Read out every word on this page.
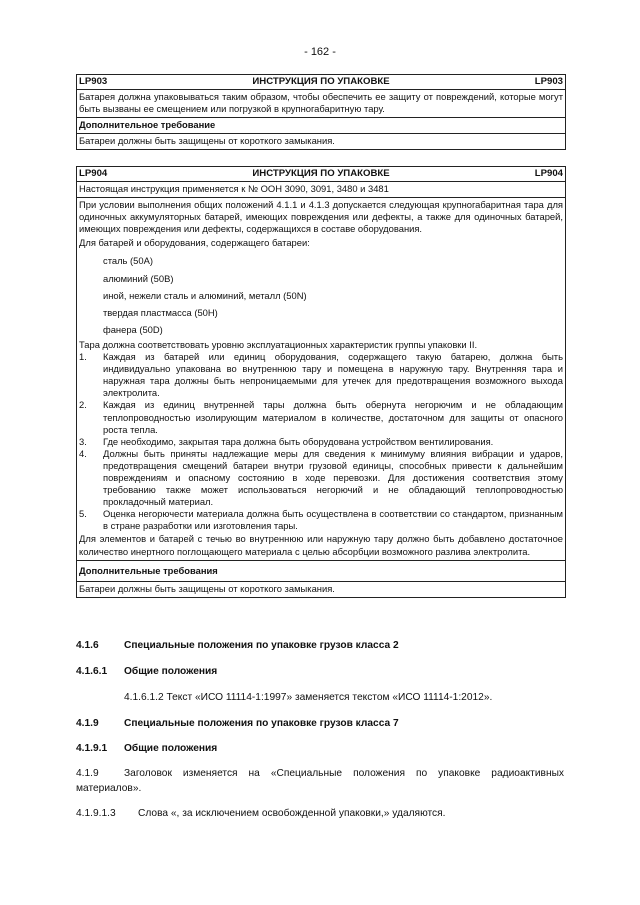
- 162 -
LP903	ИНСТРУКЦИЯ ПО УПАКОВКЕ	LP903
Батарея должна упаковываться таким образом, чтобы обеспечить ее защиту от повреждений, которые могут быть вызваны ее смещением или погрузкой в крупногабаритную тару.
Дополнительное требование
Батареи должны быть защищены от короткого замыкания.
LP904	ИНСТРУКЦИЯ ПО УПАКОВКЕ	LP904
Настоящая инструкция применяется к № ООН 3090, 3091, 3480 и 3481
При условии выполнения общих положений 4.1.1 и 4.1.3 допускается следующая крупногабаритная тара для одиночных аккумуляторных батарей, имеющих повреждения или дефекты, а также для одиночных батарей, имеющих повреждения или дефекты, содержащихся в составе оборудования.
Для батарей и оборудования, содержащего батареи:
сталь (50A)
алюминий (50B)
иной, нежели сталь и алюминий, металл (50N)
твердая пластмасса (50H)
фанера (50D)
Тара должна соответствовать уровню эксплуатационных характеристик группы упаковки II.
1.	Каждая из батарей или единиц оборудования, содержащего такую батарею, должна быть индивидуально упакована во внутреннюю тару и помещена в наружную тару. Внутренняя тара и наружная тара должны быть непроницаемыми для утечек для предотвращения возможного выхода электролита.
2.	Каждая из единиц внутренней тары должна быть обернута негорючим и не обладающим теплопроводностью изолирующим материалом в количестве, достаточном для защиты от опасного роста тепла.
3.	Где необходимо, закрытая тара должна быть оборудована устройством вентилирования.
4.	Должны быть приняты надлежащие меры для сведения к минимуму влияния вибрации и ударов, предотвращения смещений батареи внутри грузовой единицы, способных привести к дальнейшим повреждениям и опасному состоянию в ходе перевозки. Для достижения соответствия этому требованию также может использоваться негорючий и не обладающий теплопроводностью прокладочный материал.
5.	Оценка негорючести материала должна быть осуществлена в соответствии со стандартом, признанным в стране разработки или изготовления тары.
Для элементов и батарей с течью во внутреннюю или наружную тару должно быть добавлено достаточное количество инертного поглощающего материала с целью абсорбции возможного разлива электролита.
Дополнительные требования
Батареи должны быть защищены от короткого замыкания.
4.1.6	Специальные положения по упаковке грузов класса 2
4.1.6.1	Общие положения
4.1.6.1.2 Текст «ИСО 11114-1:1997» заменяется текстом «ИСО 11114-1:2012».
4.1.9	Специальные положения по упаковке грузов класса 7
4.1.9.1	Общие положения
4.1.9 Заголовок изменяется на «Специальные положения по упаковке радиоактивных материалов».
4.1.9.1.3 Слова «, за исключением освобожденной упаковки,» удаляются.
